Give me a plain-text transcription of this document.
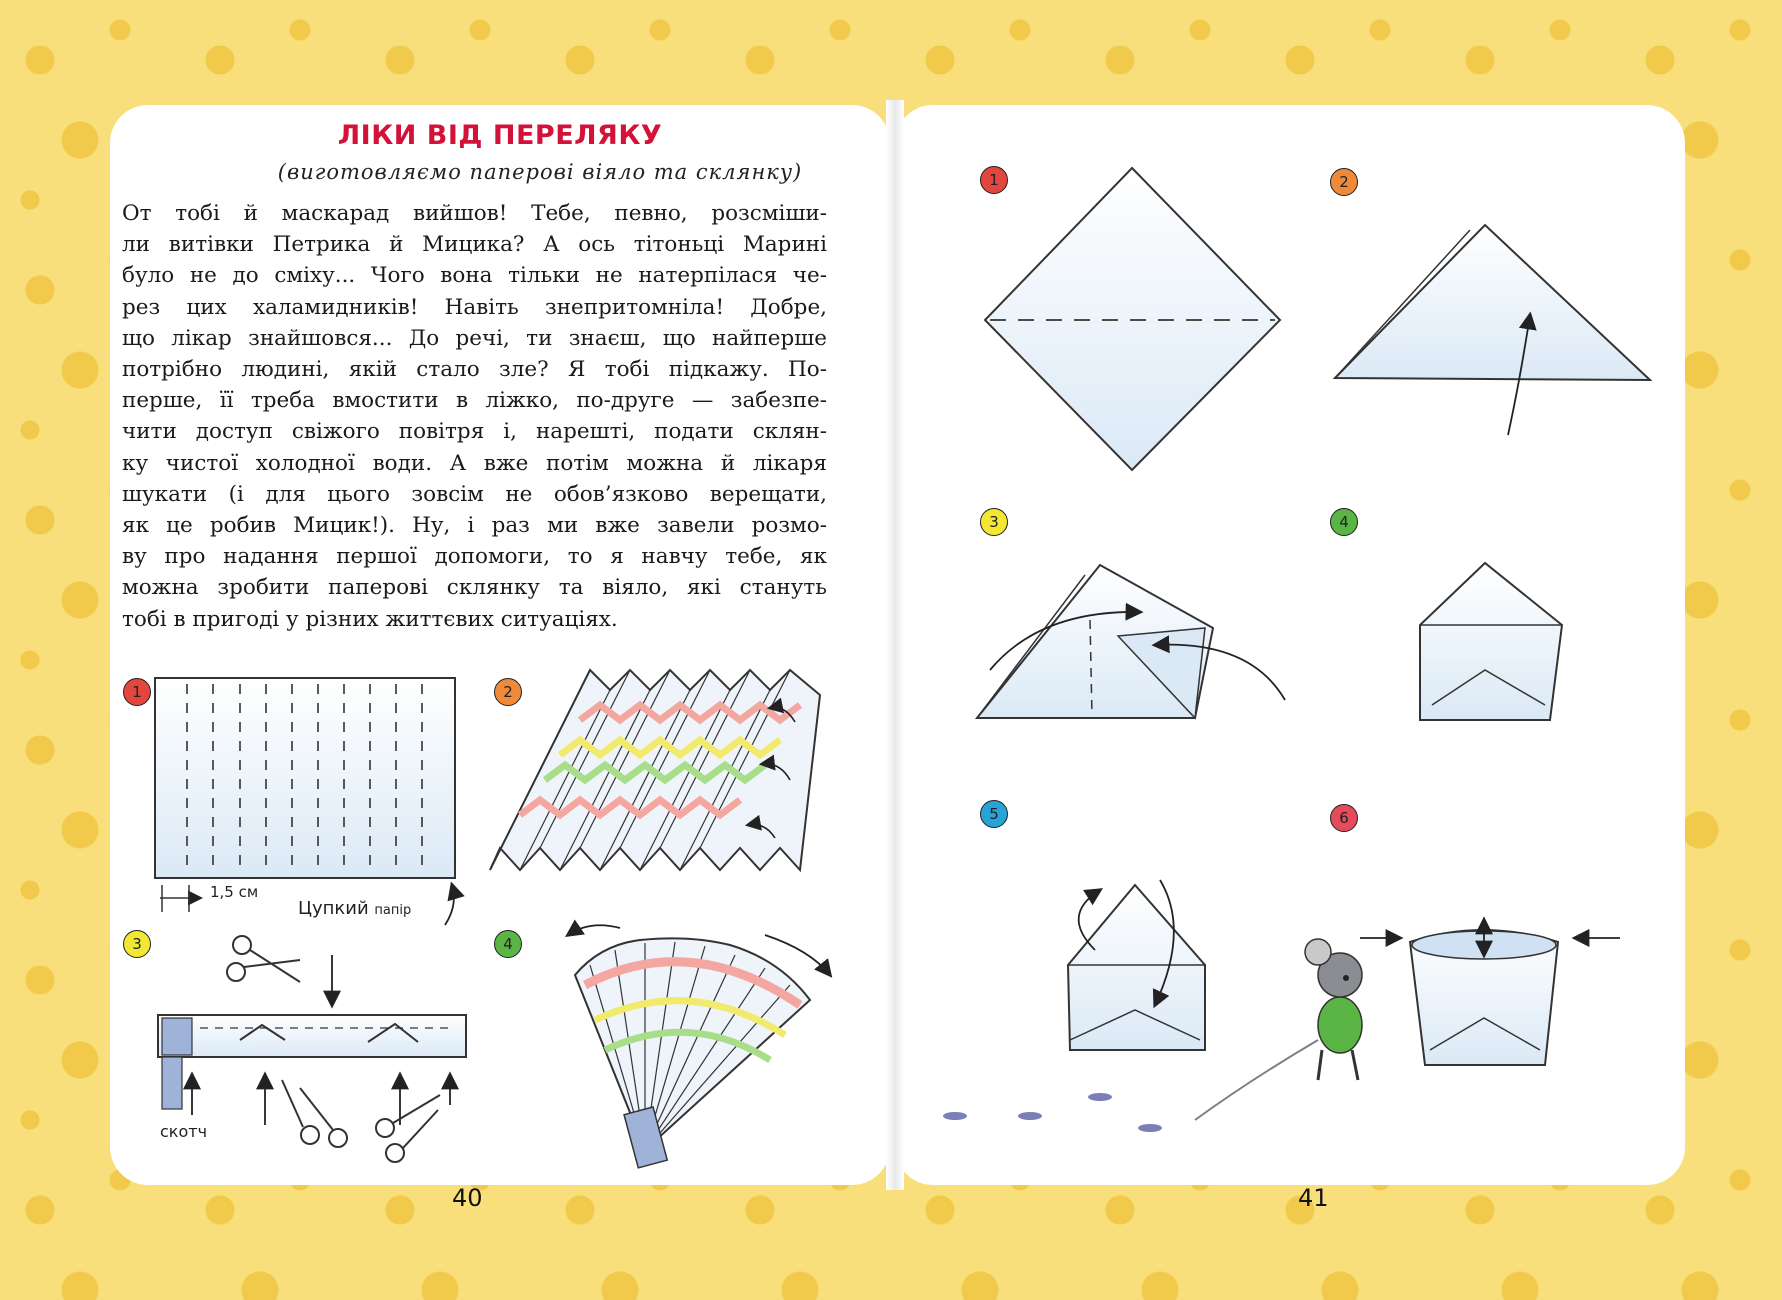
ЛІКИ ВІД ПЕРЕЛЯКУ
(виготовляємо паперові віяло та склянку)
От тобі й маскарад вийшов! Тебе, певно, розсміши-
ли витівки Петрика й Мицика? А ось тітоньці Марині
було не до сміху... Чого вона тільки не натерпілася че-
рез цих халамидників! Навіть знепритомніла! Добре,
що лікар знайшовся... До речі, ти знаєш, що найперше
потрібно людині, якій стало зле? Я тобі підкажу. По-
перше, її треба вмостити в ліжко, по-друге — забезпе-
чити доступ свіжого повітря і, нарешті, подати склян-
ку чистої холодної води. А вже потім можна й лікаря
шукати (і для цього зовсім не обов’язково верещати,
як це робив Мицик!). Ну, і раз ми вже завели розмо-
ву про надання першої допомоги, то я навчу тебе, як
можна зробити паперові склянку та віяло, які стануть
тобі в пригоді у різних життєвих ситуаціях.
1	2
3	4
1,5 см
Цупкий папір
скотч
1	2
3	4
5	6
40	41
